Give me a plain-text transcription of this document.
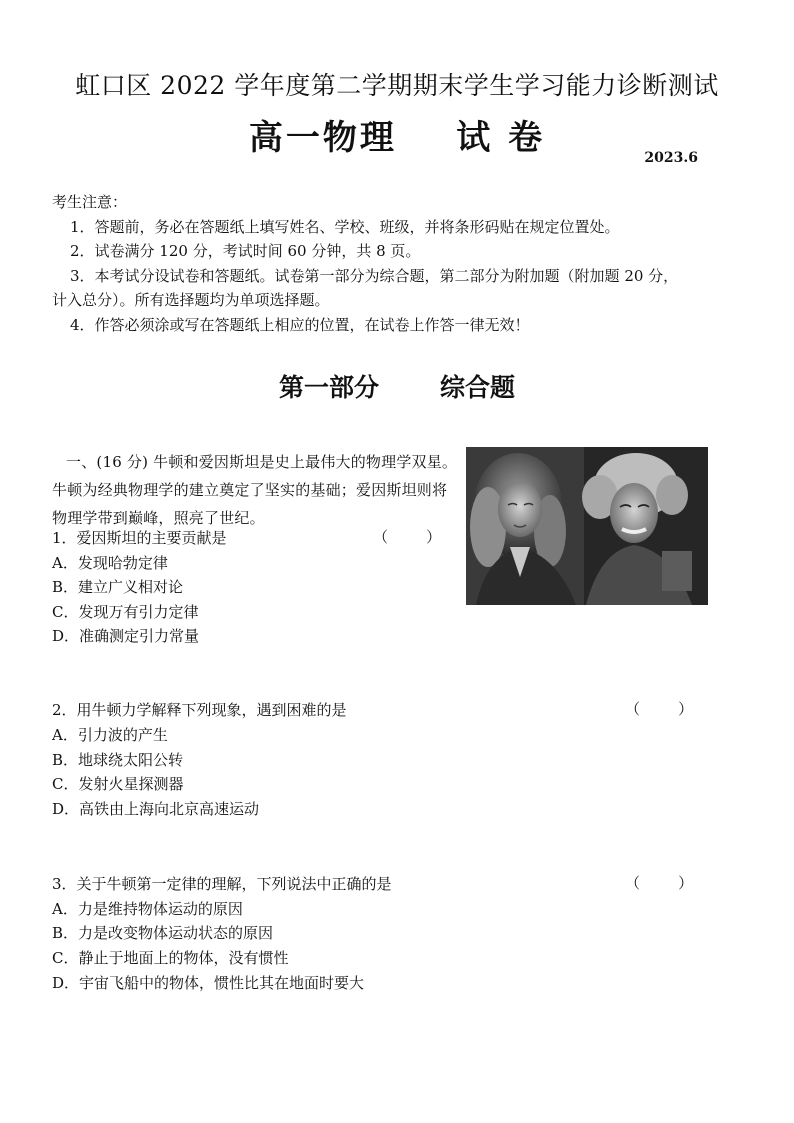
虹口区 2022 学年度第二学期期末学生学习能力诊断测试
高一物理    试 卷	2023.6
考生注意：
1．答题前，务必在答题纸上填写姓名、学校、班级，并将条形码贴在规定位置处。
2．试卷满分 120 分，考试时间 60 分钟，共 8 页。
3．本考试分设试卷和答题纸。试卷第一部分为综合题，第二部分为附加题（附加题 20 分，
计入总分）。所有选择题均为单项选择题。
4．作答必须涂或写在答题纸上相应的位置，在试卷上作答一律无效！
第一部分       综合题
一、(16 分) 牛顿和爱因斯坦是史上最伟大的物理学双星。牛顿为经典物理学的建立奠定了坚实的基础；爱因斯坦则将物理学带到巅峰，照亮了世纪。
1．爱因斯坦的主要贡献是	（        ）
A．发现哈勃定律
B．建立广义相对论
C．发现万有引力定律
D．准确测定引力常量
2．用牛顿力学解释下列现象，遇到困难的是	（        ）
A．引力波的产生
B．地球绕太阳公转
C．发射火星探测器
D．高铁由上海向北京高速运动
3．关于牛顿第一定律的理解，下列说法中正确的是	（        ）
A．力是维持物体运动的原因
B．力是改变物体运动状态的原因
C．静止于地面上的物体，没有惯性
D．宇宙飞船中的物体，惯性比其在地面时要大
